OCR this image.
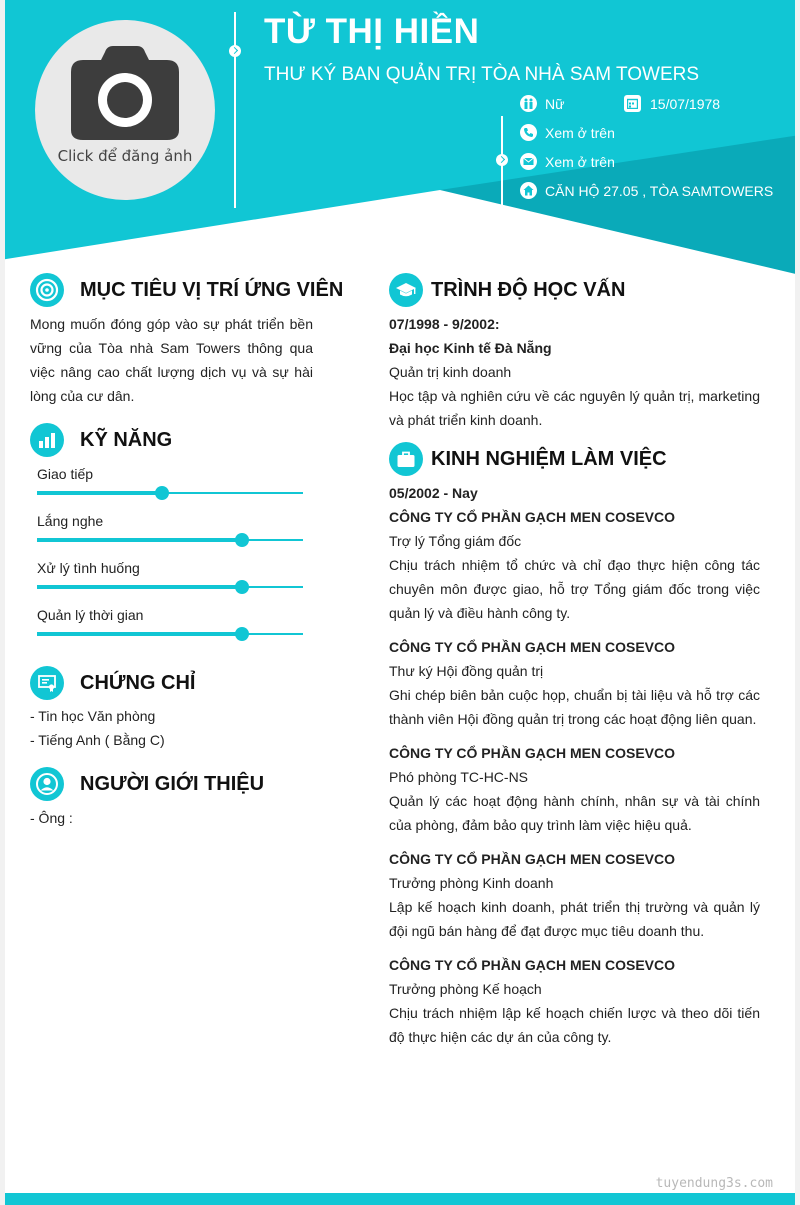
Click để đăng ảnh
TỪ THỊ HIỀN
THƯ KÝ BAN QUẢN TRỊ TÒA NHÀ SAM TOWERS
Nữ	15/07/1978
Xem ở trên
Xem ở trên
CĂN HỘ 27.05 , TÒA SAMTOWERS
MỤC TIÊU VỊ TRÍ ỨNG VIÊN
Mong muốn đóng góp vào sự phát triển bền vững của Tòa nhà Sam Towers thông qua việc nâng cao chất lượng dịch vụ và sự hài lòng của cư dân.
KỸ NĂNG
Giao tiếp
Lắng nghe
Xử lý tình huống
Quản lý thời gian
CHỨNG CHỈ
- Tin học Văn phòng
- Tiếng Anh ( Bằng C)
NGƯỜI GIỚI THIỆU
- Ông :
TRÌNH ĐỘ HỌC VẤN
07/1998 - 9/2002:
Đại học Kinh tế Đà Nẵng
Quản trị kinh doanh
Học tập và nghiên cứu về các nguyên lý quản trị, marketing và phát triển kinh doanh.
KINH NGHIỆM LÀM VIỆC
05/2002 - Nay
CÔNG TY CỔ PHẦN GẠCH MEN COSEVCO
Trợ lý Tổng giám đốc
Chịu trách nhiệm tổ chức và chỉ đạo thực hiện công tác chuyên môn được giao, hỗ trợ Tổng giám đốc trong việc quản lý và điều hành công ty.
CÔNG TY CỔ PHẦN GẠCH MEN COSEVCO
Thư ký Hội đồng quản trị
Ghi chép biên bản cuộc họp, chuẩn bị tài liệu và hỗ trợ các thành viên Hội đồng quản trị trong các hoạt động liên quan.
CÔNG TY CỔ PHẦN GẠCH MEN COSEVCO
Phó phòng TC-HC-NS
Quản lý các hoạt động hành chính, nhân sự và tài chính của phòng, đảm bảo quy trình làm việc hiệu quả.
CÔNG TY CỔ PHẦN GẠCH MEN COSEVCO
Trưởng phòng Kinh doanh
Lập kế hoạch kinh doanh, phát triển thị trường và quản lý đội ngũ bán hàng để đạt được mục tiêu doanh thu.
CÔNG TY CỔ PHẦN GẠCH MEN COSEVCO
Trưởng phòng Kế hoạch
Chịu trách nhiệm lập kế hoạch chiến lược và theo dõi tiến độ thực hiện các dự án của công ty.
tuyendung3s.com
